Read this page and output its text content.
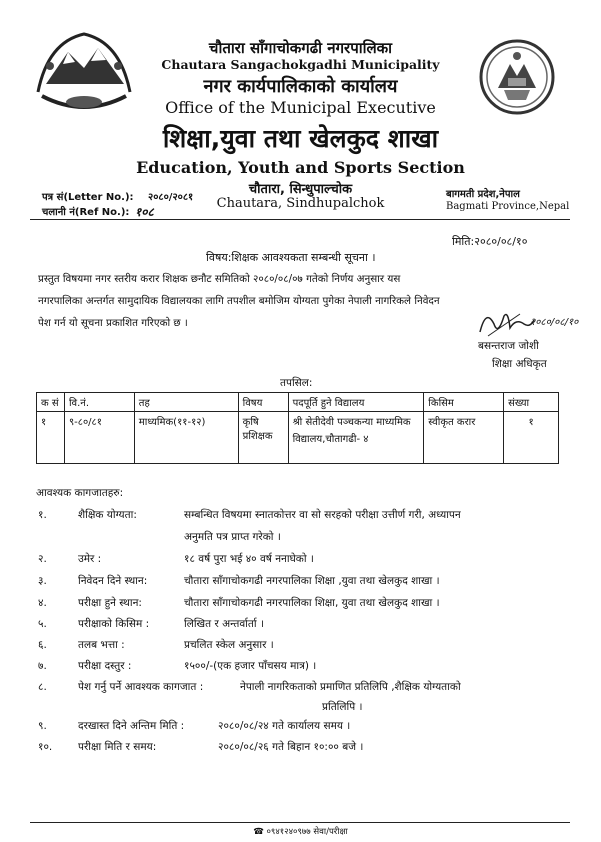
चौतारा साँगाचोकगढी नगरपालिका
Chautara Sangachokgadhi Municipality
नगर कार्यपालिकाको कार्यालय
Office of the Municipal Executive
शिक्षा,युवा तथा खेलकुद शाखा
Education, Youth and Sports Section
चौतारा, सिन्धुपाल्चोक
Chautara, Sindhupalchok
बागमती प्रदेश,नेपाल
Bagmati Province,Nepal
पत्र सं(Letter No.): २०८०/२०८१
चलानी नं(Ref No.): १०८
मिति:२०८०/०८/१०
विषय:शिक्षक आवश्यकता सम्बन्धी सूचना ।
प्रस्तुत विषयमा नगर स्तरीय करार शिक्षक छनौट समितिको २०८०/०८/०७ गतेको निर्णय अनुसार यस
नगरपालिका अन्तर्गत सामुदायिक विद्यालयका लागि तपशील बमोजिम योग्यता पुगेका नेपाली नागरिकले निवेदन
पेश गर्न यो सूचना प्रकाशित गरिएको छ ।	२०८०/०८/१०
बसन्तराज जोशी
शिक्षा अधिकृत
तपसिल:
क सं	वि.नं.	तह	विषय	पदपूर्ति हुने विद्यालय	किसिम	संख्या
१	९-८०/८१	माध्यमिक(११-१२)	कृषि प्रशिक्षक	श्री सेतीदेवी पञ्चकन्या माध्यमिक विद्यालय,चौतागढी- ४	स्वीकृत करार	१
आवश्यक कागजातहरु:
१.	शैक्षिक योग्यता:	सम्बन्धित विषयमा स्नातकोत्तर वा सो सरहको परीक्षा उत्तीर्ण गरी, अध्यापन
अनुमति पत्र प्राप्त गरेको ।
२.	उमेर :	१८ वर्ष पुरा भई ४० वर्ष ननाघेको ।
३.	निवेदन दिने स्थान:	चौतारा साँगाचोकगढी नगरपालिका शिक्षा ,युवा तथा खेलकुद शाखा ।
४.	परीक्षा हुने स्थान:	चौतारा साँगाचोकगढी नगरपालिका शिक्षा, युवा तथा खेलकुद शाखा ।
५.	परीक्षाको किसिम :	लिखित र अन्तर्वार्ता ।
६.	तलब भत्ता :	प्रचलित स्केल अनुसार ।
७.	परीक्षा दस्तुर :	१५००/-(एक हजार पाँचसय मात्र) ।
८.	पेश गर्नु पर्ने आवश्यक कागजात :	नेपाली नागरिकताको प्रमाणित प्रतिलिपि ,शैक्षिक योग्यताको
प्रतिलिपि ।
९.	दरखास्त दिने अन्तिम मिति :	२०८०/०८/२४ गते कार्यालय समय ।
१०. परीक्षा मिति र समय:	२०८०/०८/२६ गते बिहान १०:०० बजे ।
☎ ०९४१२४०९७७ सेवा/परीक्षा
